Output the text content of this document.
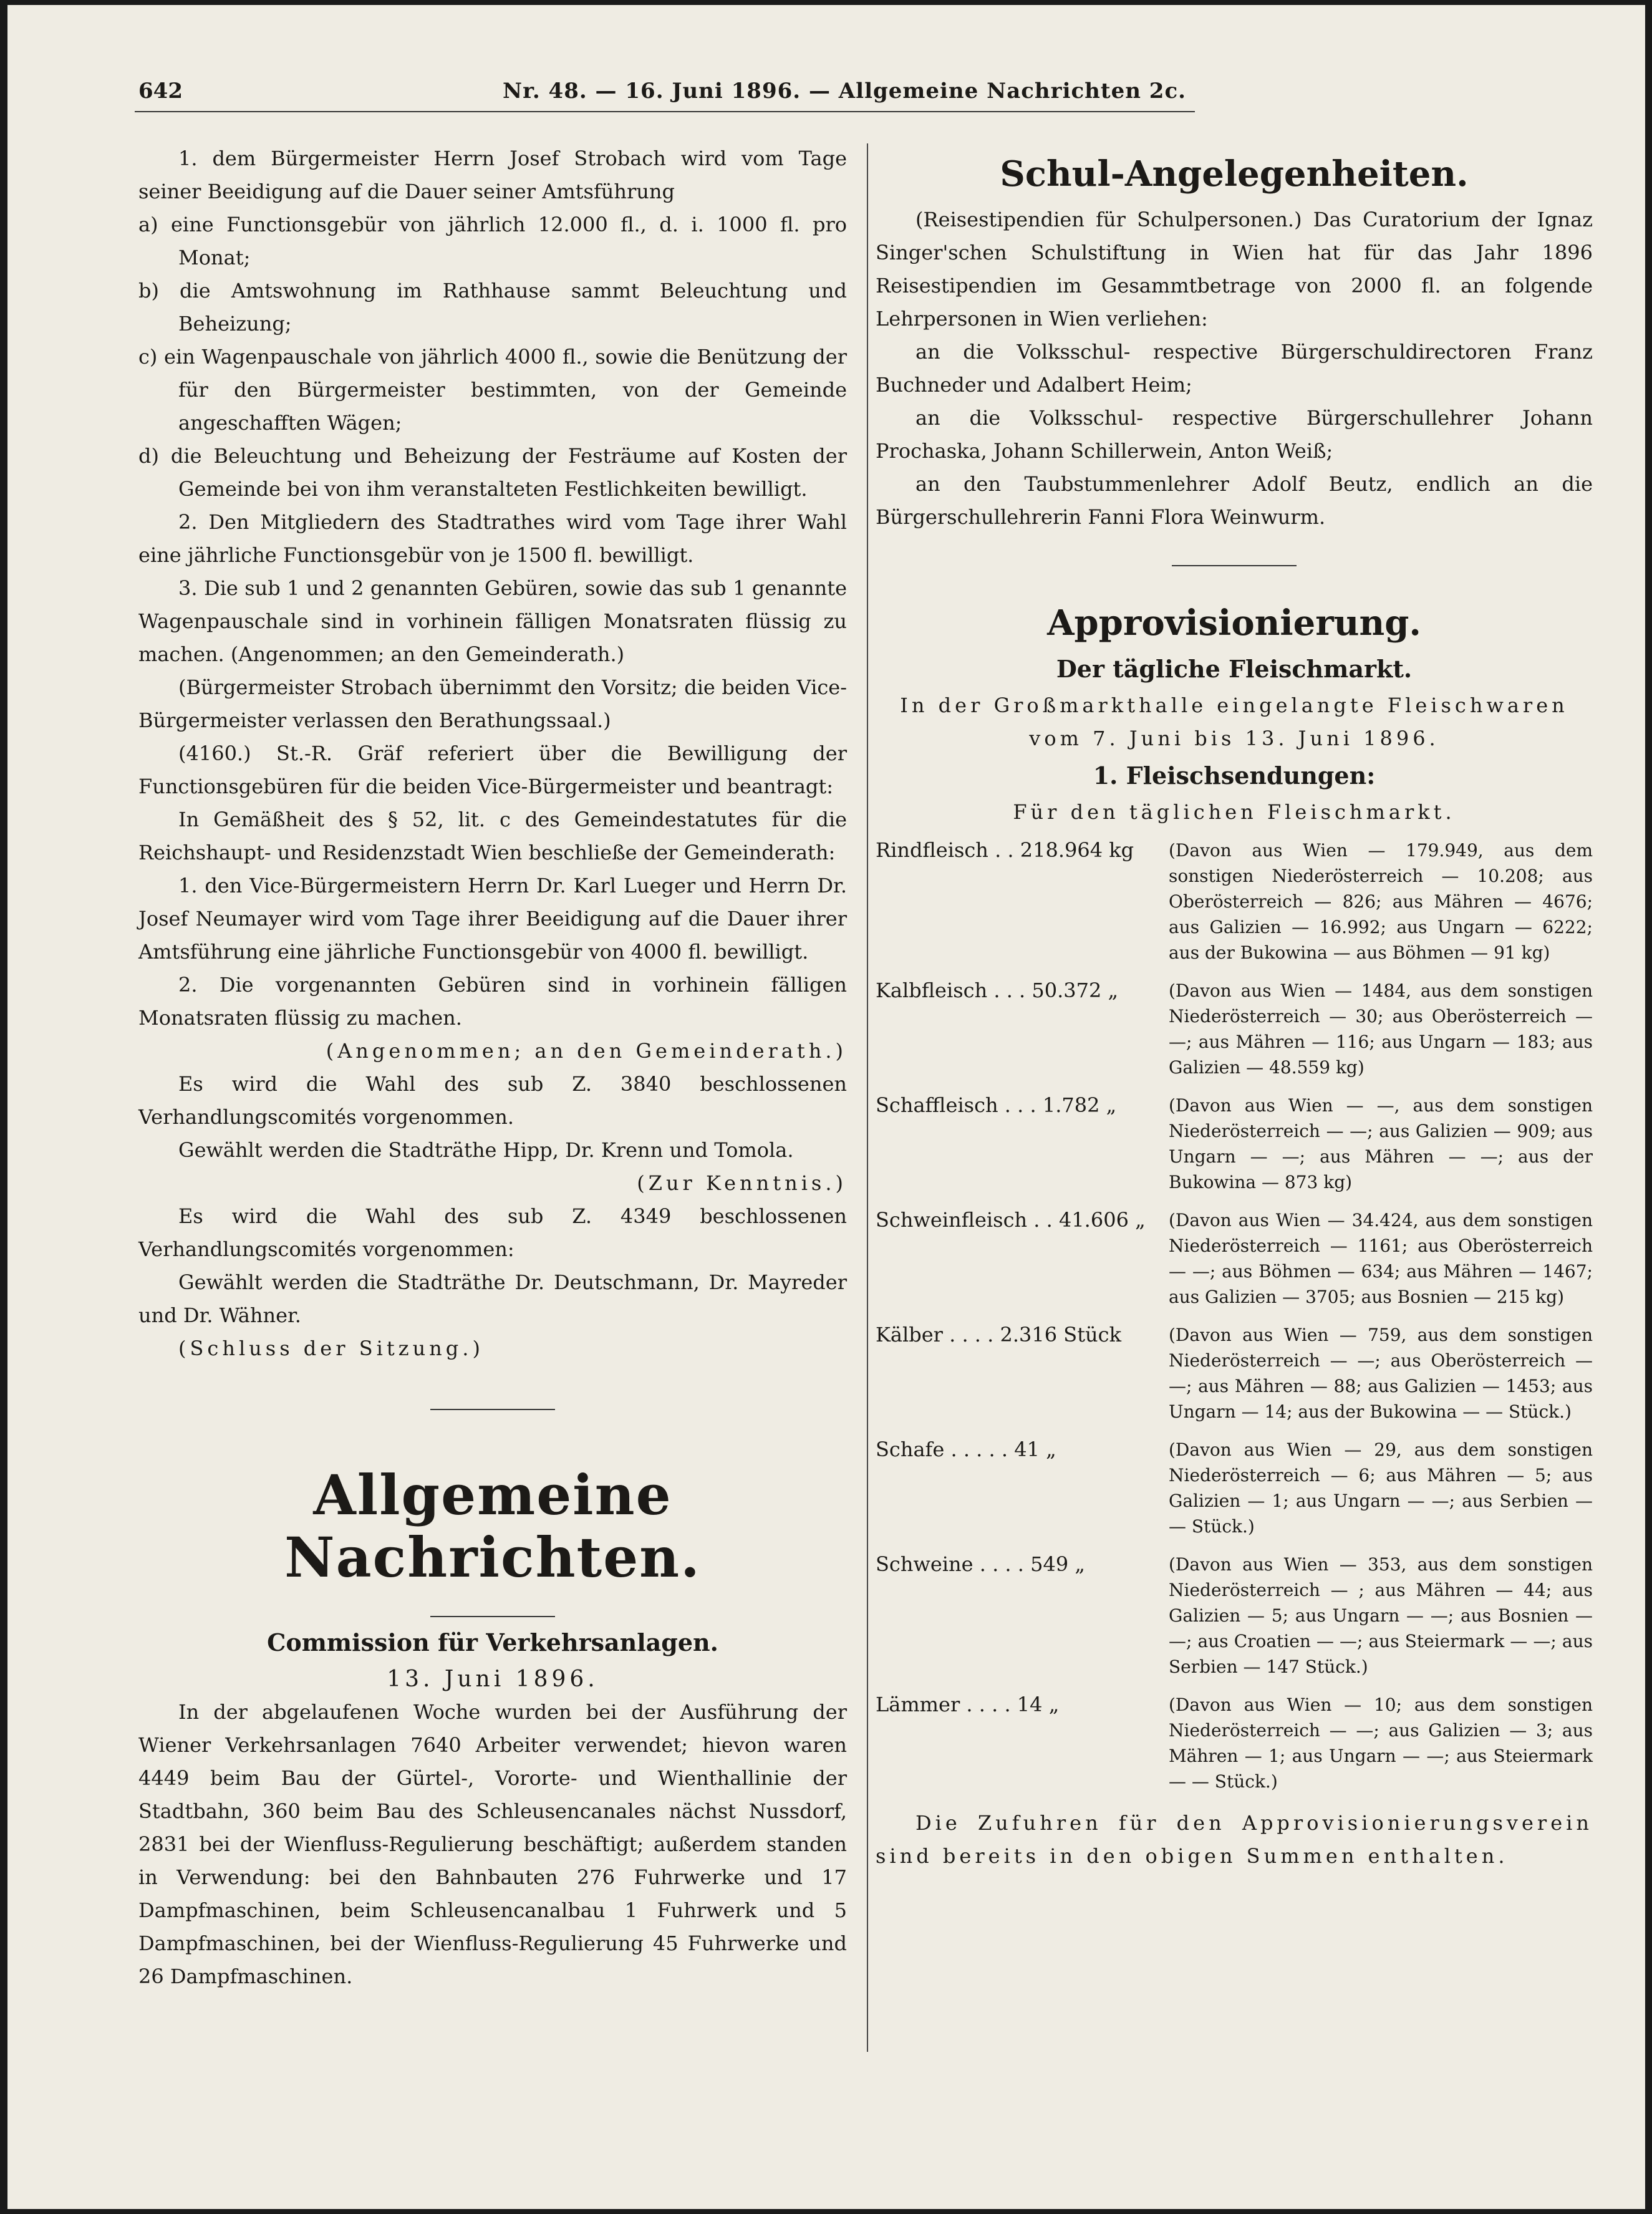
642	Nr. 48. — 16. Juni 1896. — Allgemeine Nachrichten 2c.

1. dem Bürgermeister Herrn Josef Strobach wird vom Tage seiner Beeidigung auf die Dauer seiner Amtsführung

a) eine Functionsgebür von jährlich 12.000 fl., d. i. 1000 fl. pro Monat;

b) die Amtswohnung im Rathhause sammt Beleuchtung und Beheizung;

c) ein Wagenpauschale von jährlich 4000 fl., sowie die Benützung der für den Bürgermeister bestimmten, von der Gemeinde angeschafften Wägen;

d) die Beleuchtung und Beheizung der Festräume auf Kosten der Gemeinde bei von ihm veranstalteten Festlichkeiten bewilligt.

2. Den Mitgliedern des Stadtrathes wird vom Tage ihrer Wahl eine jährliche Functionsgebür von je 1500 fl. bewilligt.

3. Die sub 1 und 2 genannten Gebüren, sowie das sub 1 genannte Wagenpauschale sind in vorhinein fälligen Monatsraten flüssig zu machen. (Angenommen; an den Gemeinderath.)

(Bürgermeister Strobach übernimmt den Vorsitz; die beiden Vice-Bürgermeister verlassen den Berathungssaal.)

(4160.) St.-R. Gräf referiert über die Bewilligung der Functionsgebüren für die beiden Vice-Bürgermeister und beantragt:

In Gemäßheit des § 52, lit. c des Gemeindestatutes für die Reichshaupt- und Residenzstadt Wien beschließe der Gemeinderath:

1. den Vice-Bürgermeistern Herrn Dr. Karl Lueger und Herrn Dr. Josef Neumayer wird vom Tage ihrer Beeidigung auf die Dauer ihrer Amtsführung eine jährliche Functionsgebür von 4000 fl. bewilligt.

2. Die vorgenannten Gebüren sind in vorhinein fälligen Monatsraten flüssig zu machen.

(Angenommen; an den Gemeinderath.)

Es wird die Wahl des sub Z. 3840 beschlossenen Verhandlungscomités vorgenommen.

Gewählt werden die Stadträthe Hipp, Dr. Krenn und Tomola.

(Zur Kenntnis.)

Es wird die Wahl des sub Z. 4349 beschlossenen Verhandlungscomités vorgenommen:

Gewählt werden die Stadträthe Dr. Deutschmann, Dr. Mayreder und Dr. Wähner.

(Schluss der Sitzung.)

Allgemeine Nachrichten.
Commission für Verkehrsanlagen.
13. Juni 1896.

In der abgelaufenen Woche wurden bei der Ausführung der Wiener Verkehrsanlagen 7640 Arbeiter verwendet; hievon waren 4449 beim Bau der Gürtel-, Vororte- und Wienthallinie der Stadtbahn, 360 beim Bau des Schleusencanales nächst Nussdorf, 2831 bei der Wienfluss-Regulierung beschäftigt; außerdem standen in Verwendung: bei den Bahnbauten 276 Fuhrwerke und 17 Dampfmaschinen, beim Schleusencanalbau 1 Fuhrwerk und 5 Dampfmaschinen, bei der Wienfluss-Regulierung 45 Fuhrwerke und 26 Dampfmaschinen.

Schul-Angelegenheiten.

(Reisestipendien für Schulpersonen.) Das Curatorium der Ignaz Singer'schen Schulstiftung in Wien hat für das Jahr 1896 Reisestipendien im Gesammtbetrage von 2000 fl. an folgende Lehrpersonen in Wien verliehen:

an die Volksschul- respective Bürgerschuldirectoren Franz Buchneder und Adalbert Heim;

an die Volksschul- respective Bürgerschullehrer Johann Prochaska, Johann Schillerwein, Anton Weiß;

an den Taubstummenlehrer Adolf Beutz, endlich an die Bürgerschullehrerin Fanni Flora Weinwurm.

Approvisionierung.
Der tägliche Fleischmarkt.

In der Großmarkthalle eingelangte Fleischwaren vom 7. Juni bis 13. Juni 1896.

1. Fleischsendungen:
Für den täglichen Fleischmarkt.
Rindfleisch . . 218.964 kg	(Davon aus Wien — 179.949, aus dem sonstigen Niederösterreich — 10.208; aus Oberösterreich — 826; aus Mähren — 4676; aus Galizien — 16.992; aus Ungarn — 6222; aus der Bukowina — aus Böhmen — 91 kg)
Kalbfleisch . . . 50.372 „	(Davon aus Wien — 1484, aus dem sonstigen Niederösterreich — 30; aus Oberösterreich — —; aus Mähren — 116; aus Ungarn — 183; aus Galizien — 48.559 kg)
Schaffleisch . . . 1.782 „	(Davon aus Wien — —, aus dem sonstigen Niederösterreich — —; aus Galizien — 909; aus Ungarn — —; aus Mähren — —; aus der Bukowina — 873 kg)
Schweinfleisch . . 41.606 „	(Davon aus Wien — 34.424, aus dem sonstigen Niederösterreich — 1161; aus Oberösterreich — —; aus Böhmen — 634; aus Mähren — 1467; aus Galizien — 3705; aus Bosnien — 215 kg)
Kälber . . . . 2.316 Stück	(Davon aus Wien — 759, aus dem sonstigen Niederösterreich — —; aus Oberösterreich — —; aus Mähren — 88; aus Galizien — 1453; aus Ungarn — 14; aus der Bukowina — — Stück.)
Schafe . . . . . 41 „	(Davon aus Wien — 29, aus dem sonstigen Niederösterreich — 6; aus Mähren — 5; aus Galizien — 1; aus Ungarn — —; aus Serbien — — Stück.)
Schweine . . . . 549 „	(Davon aus Wien — 353, aus dem sonstigen Niederösterreich — ; aus Mähren — 44; aus Galizien — 5; aus Ungarn — —; aus Bosnien — —; aus Croatien — —; aus Steiermark — —; aus Serbien — 147 Stück.)
Lämmer . . . . 14 „	(Davon aus Wien — 10; aus dem sonstigen Niederösterreich — —; aus Galizien — 3; aus Mähren — 1; aus Ungarn — —; aus Steiermark — — Stück.)

Die Zufuhren für den Approvisionierungsverein sind bereits in den obigen Summen enthalten.
